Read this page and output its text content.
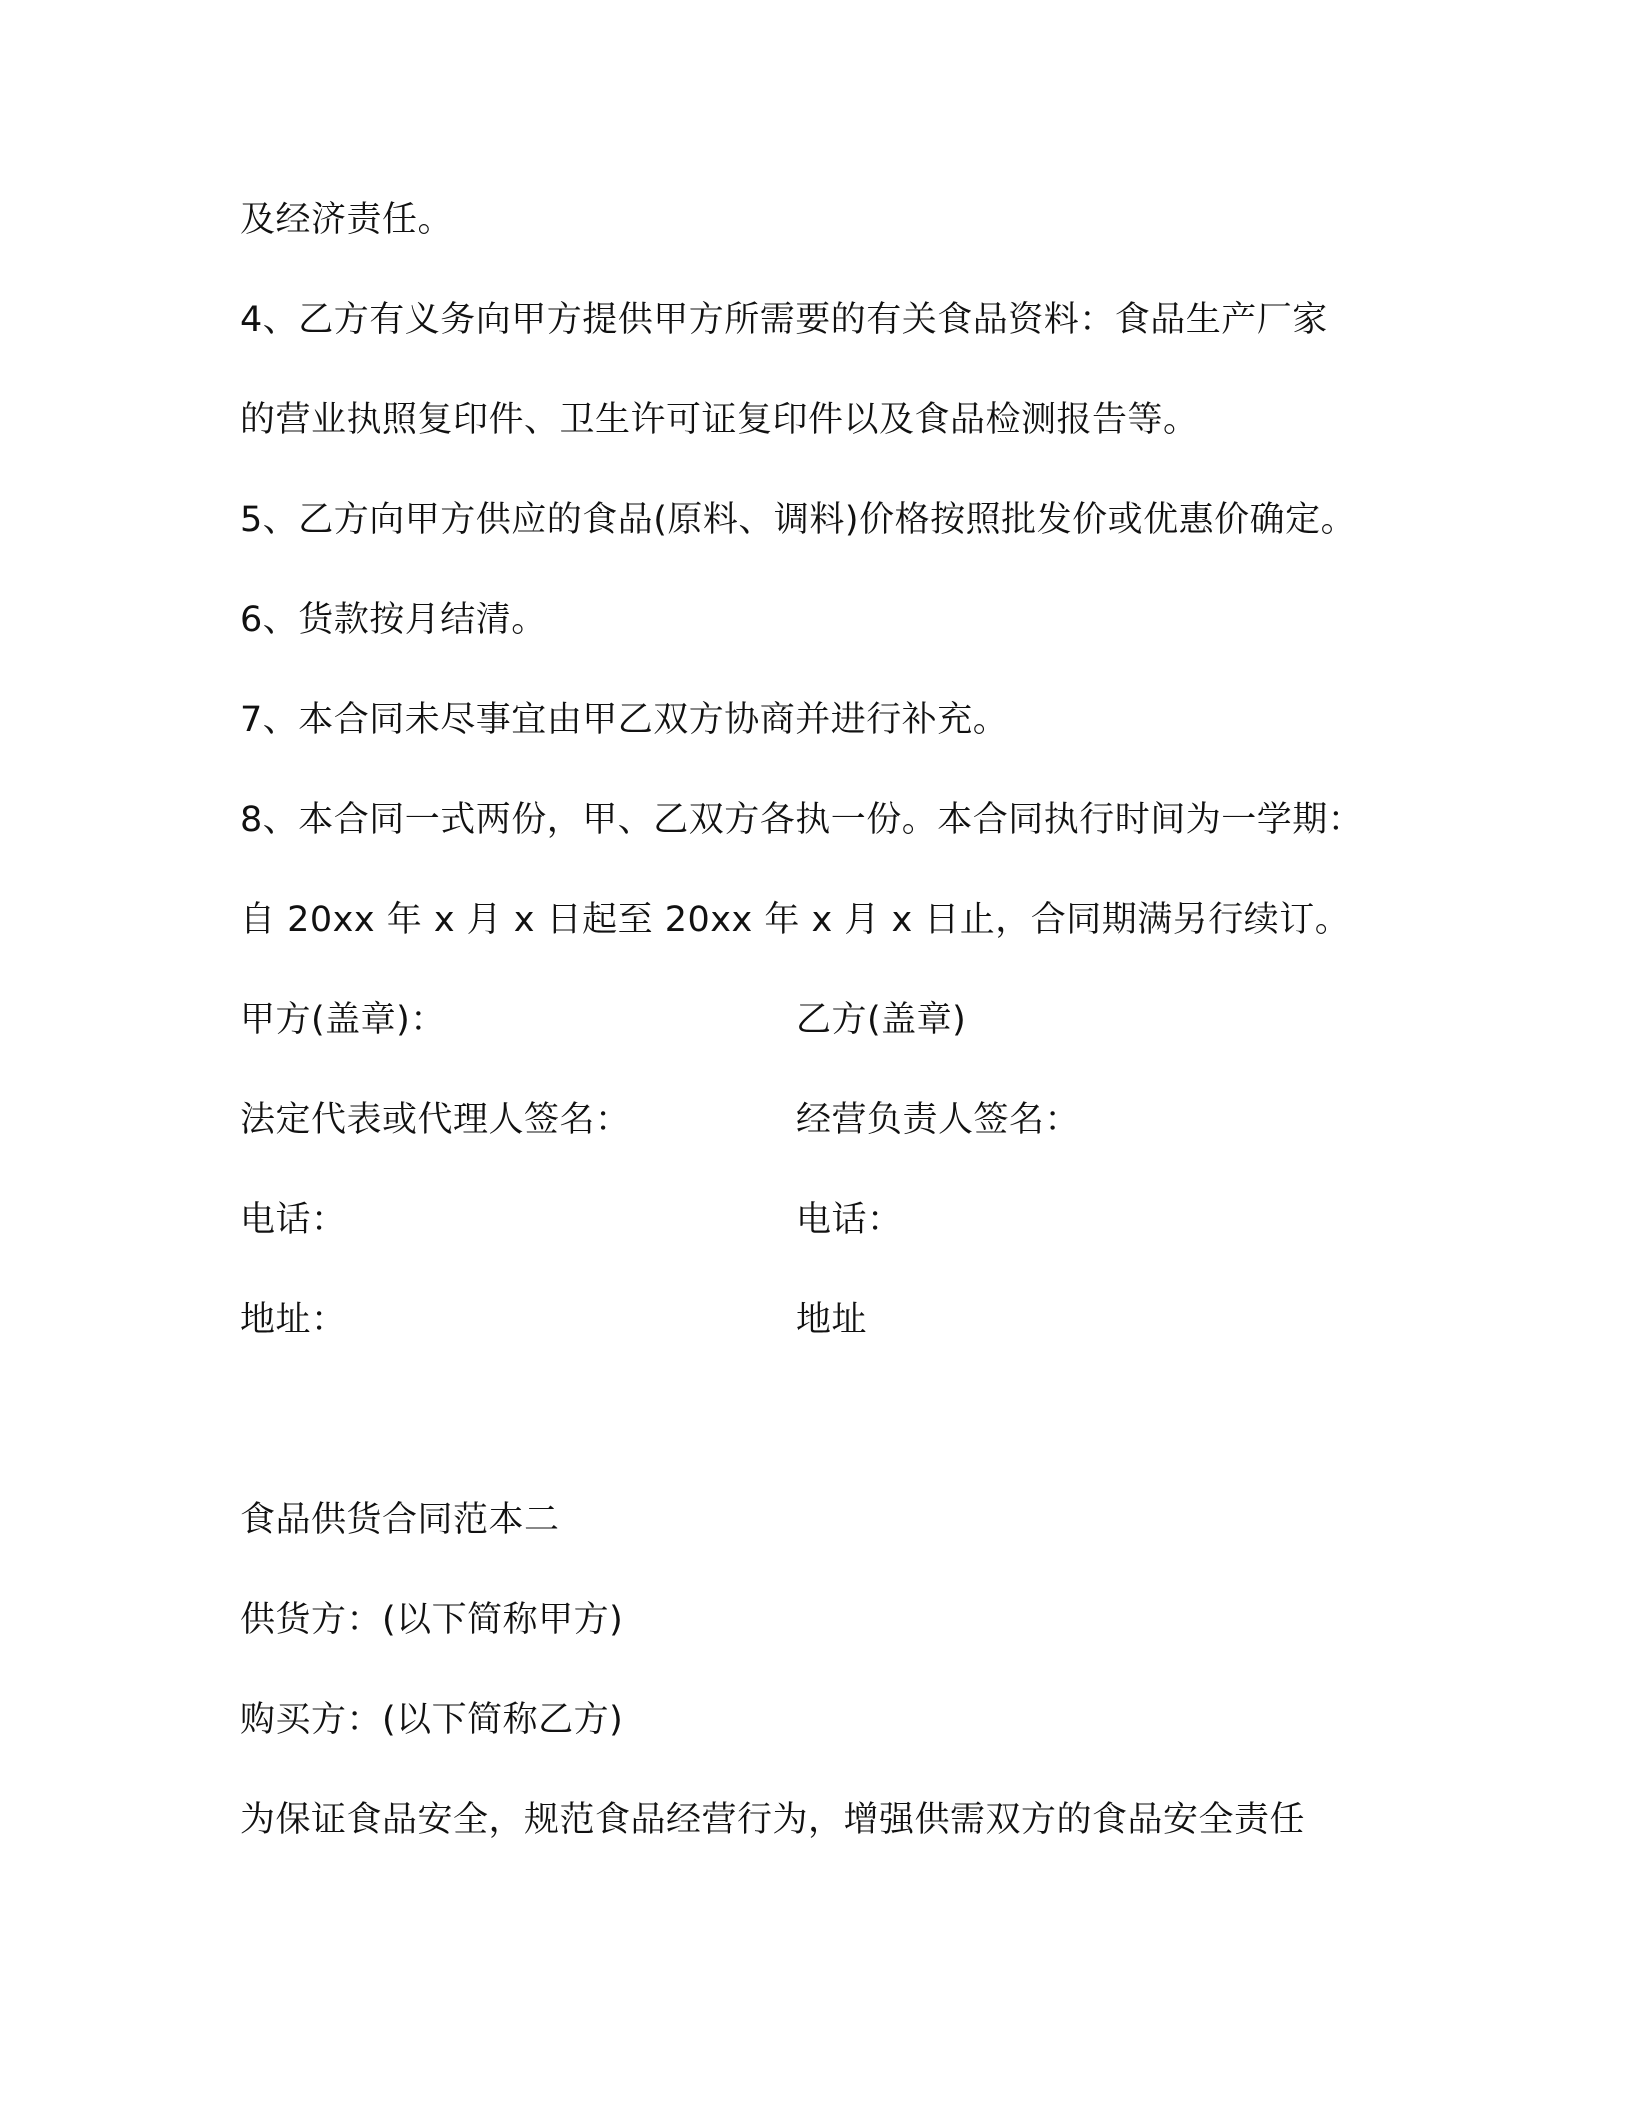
及经济责任。
4、乙方有义务向甲方提供甲方所需要的有关食品资料：食品生产厂家
的营业执照复印件、卫生许可证复印件以及食品检测报告等。
5、乙方向甲方供应的食品(原料、调料)价格按照批发价或优惠价确定。
6、货款按月结清。
7、本合同未尽事宜由甲乙双方协商并进行补充。
8、本合同一式两份，甲、乙双方各执一份。本合同执行时间为一学期：
自 20xx 年 x 月 x 日起至 20xx 年 x 月 x 日止，合同期满另行续订。
甲方(盖章)：	乙方(盖章)
法定代表或代理人签名：	经营负责人签名：
电话：	电话：
地址：	地址
食品供货合同范本二
供货方：(以下简称甲方)
购买方：(以下简称乙方)
为保证食品安全，规范食品经营行为，增强供需双方的食品安全责任
